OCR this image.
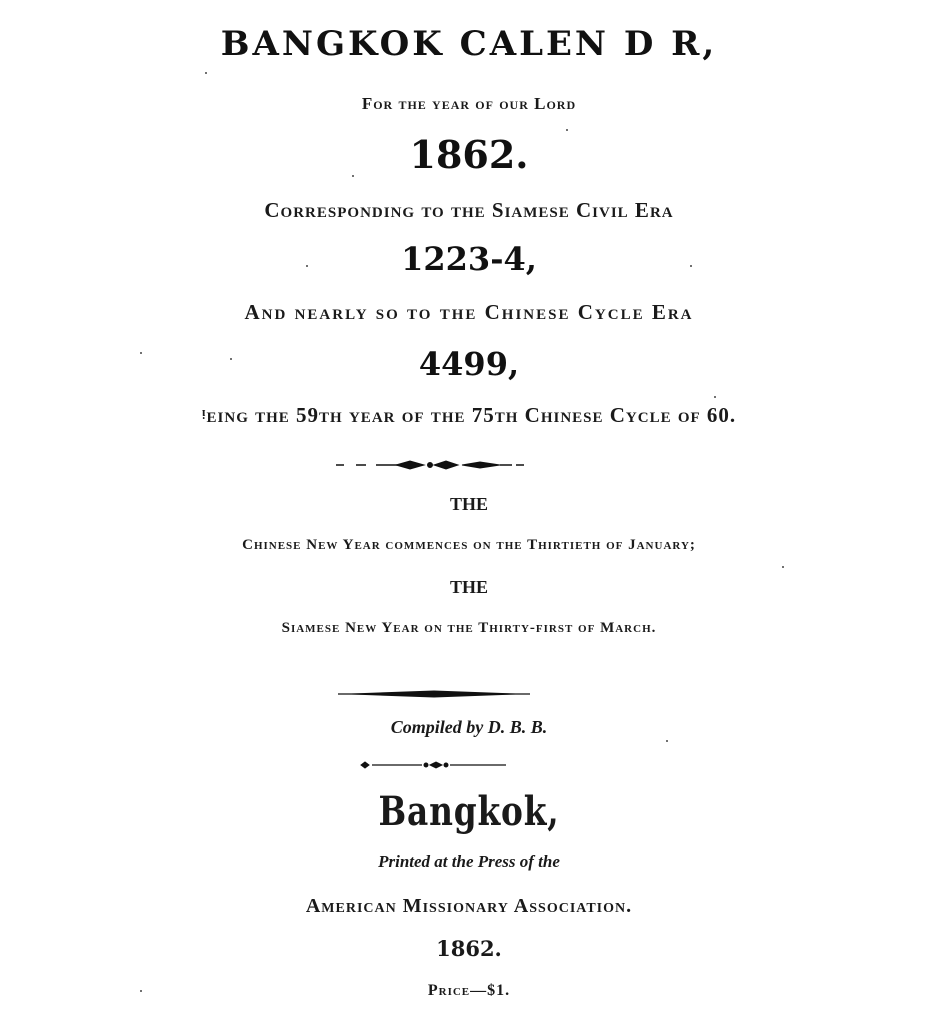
BANGKOK CALEN D R,
For the year of our Lord
1862.
Corresponding to the Siamese Civil Era
1223-4,
And nearly so to the Chinese Cycle Era
4499,
ᵎeing the 59th year of the 75th Chinese Cycle of 60.
THE
Chinese New Year commences on the Thirtieth of January;
THE
Siamese New Year on the Thirty-first of March.
Compiled by D. B. B.
Bangkok,
Printed at the Press of the
American Missionary Association.
1862.
Price—$1.
